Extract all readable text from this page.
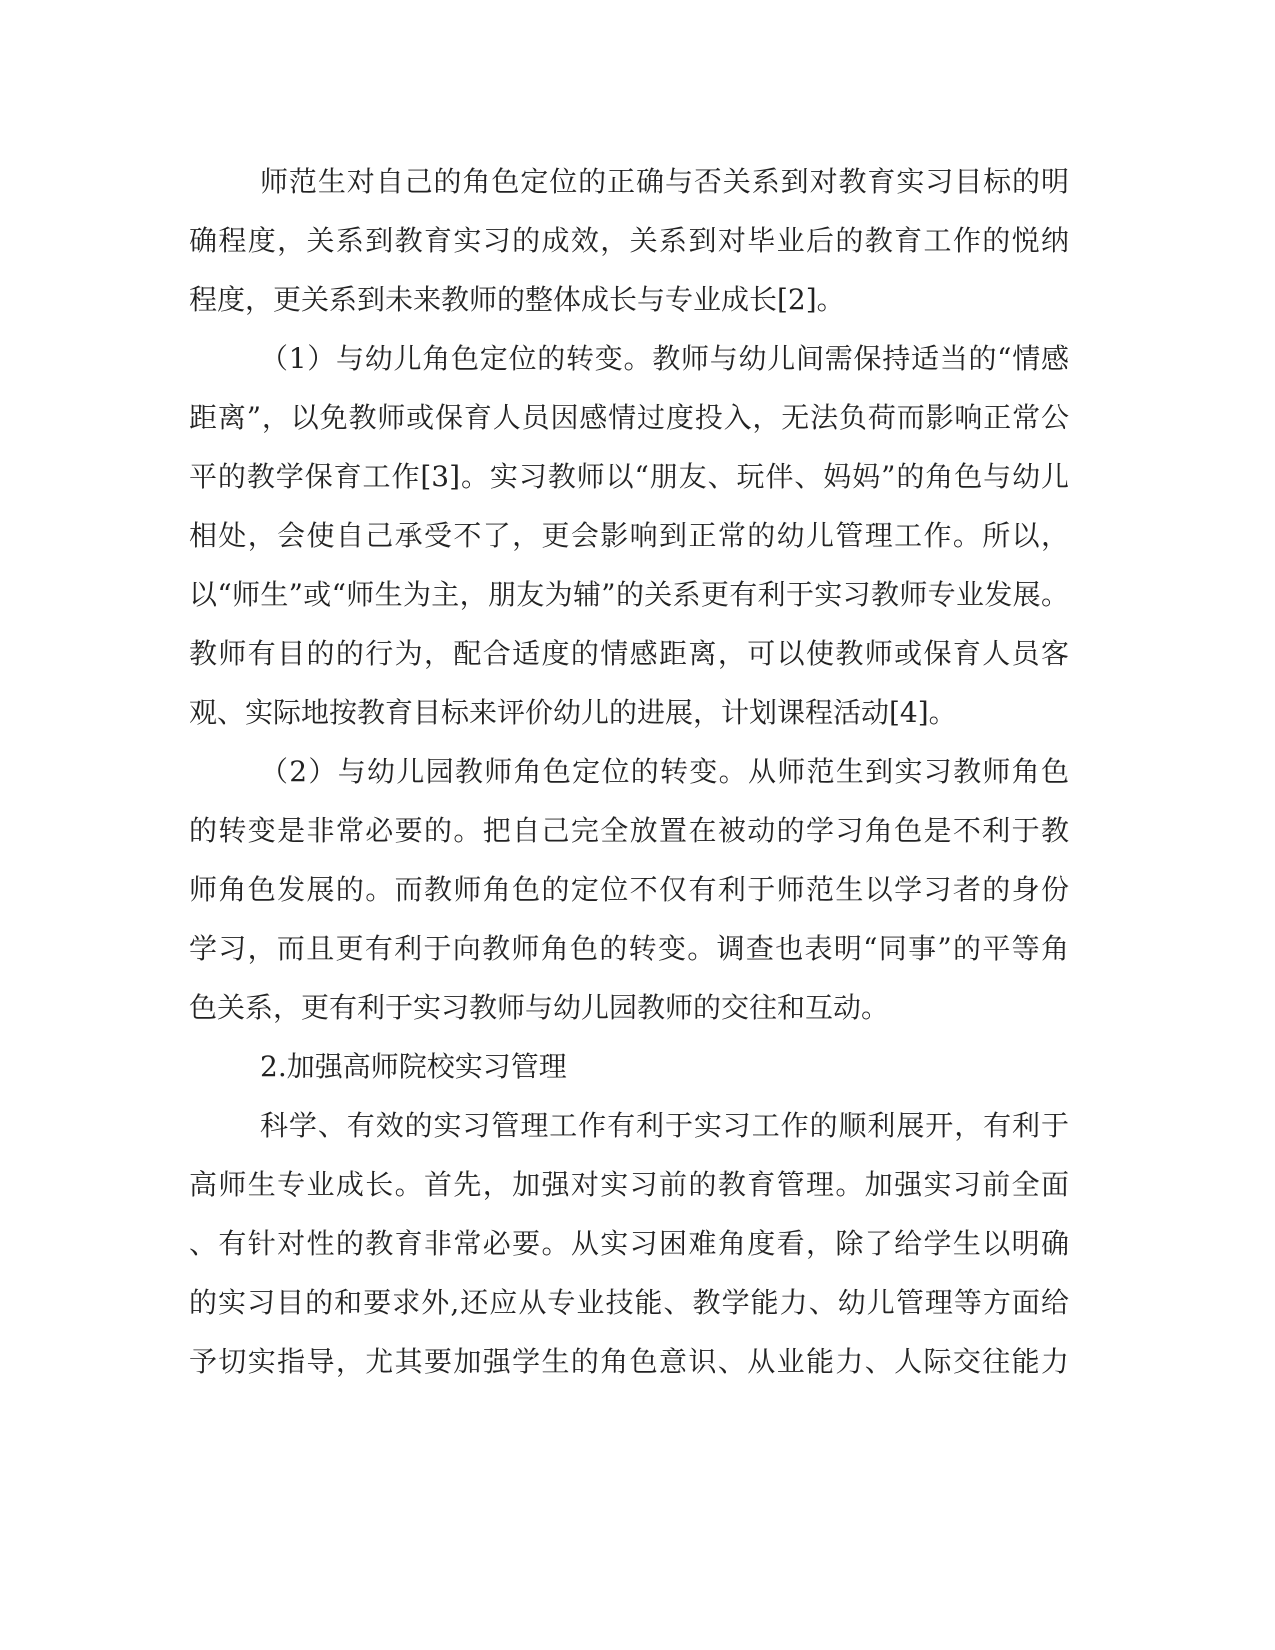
师范生对自己的角色定位的正确与否关系到对教育实习目标的明
确程度，关系到教育实习的成效，关系到对毕业后的教育工作的悦纳
程度，更关系到未来教师的整体成长与专业成长[2]。
（1）与幼儿角色定位的转变。教师与幼儿间需保持适当的“情感
距离”，以免教师或保育人员因感情过度投入，无法负荷而影响正常公
平的教学保育工作[3]。实习教师以“朋友、玩伴、妈妈”的角色与幼儿
相处，会使自己承受不了，更会影响到正常的幼儿管理工作。所以，
以“师生”或“师生为主，朋友为辅”的关系更有利于实习教师专业发展。
教师有目的的行为，配合适度的情感距离，可以使教师或保育人员客
观、实际地按教育目标来评价幼儿的进展，计划课程活动[4]。
（2）与幼儿园教师角色定位的转变。从师范生到实习教师角色
的转变是非常必要的。把自己完全放置在被动的学习角色是不利于教
师角色发展的。而教师角色的定位不仅有利于师范生以学习者的身份
学习，而且更有利于向教师角色的转变。调查也表明“同事”的平等角
色关系，更有利于实习教师与幼儿园教师的交往和互动。
2.加强高师院校实习管理
科学、有效的实习管理工作有利于实习工作的顺利展开，有利于
高师生专业成长。首先，加强对实习前的教育管理。加强实习前全面
、有针对性的教育非常必要。从实习困难角度看，除了给学生以明确
的实习目的和要求外,还应从专业技能、教学能力、幼儿管理等方面给
予切实指导，尤其要加强学生的角色意识、从业能力、人际交往能力
